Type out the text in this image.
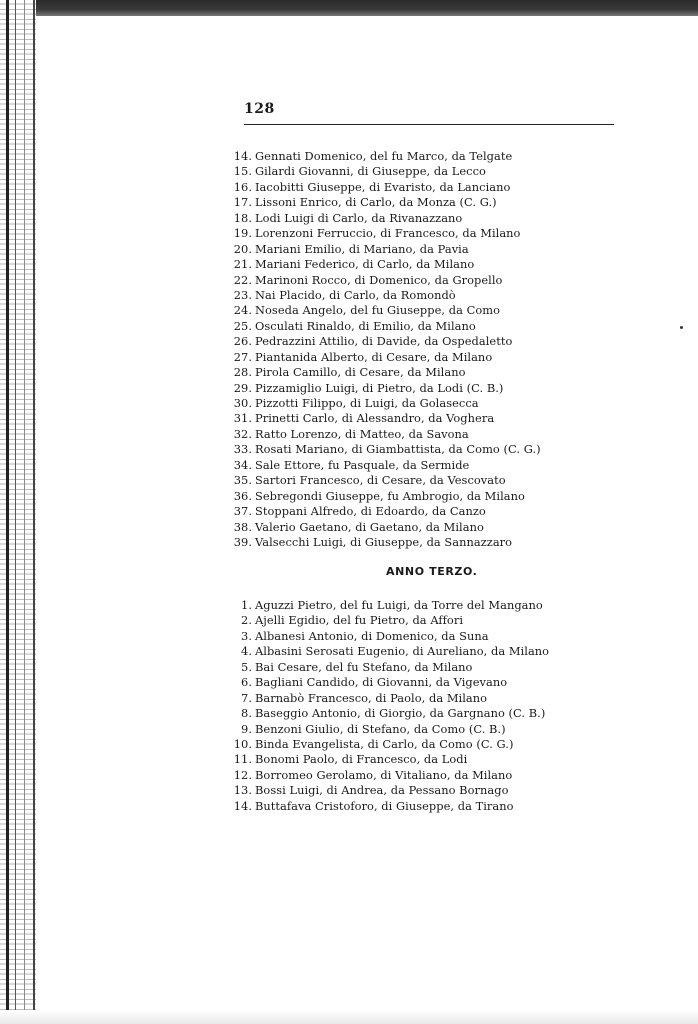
128
14. Gennati Domenico, del fu Marco, da Telgate
15. Gilardi Giovanni, di Giuseppe, da Lecco
16. Iacobitti Giuseppe, di Evaristo, da Lanciano
17. Lissoni Enrico, di Carlo, da Monza (C. G.)
18. Lodi Luigi di Carlo, da Rivanazzano
19. Lorenzoni Ferruccio, di Francesco, da Milano
20. Mariani Emilio, di Mariano, da Pavia
21. Mariani Federico, di Carlo, da Milano
22. Marinoni Rocco, di Domenico, da Gropello
23. Nai Placido, di Carlo, da Romondò
24. Noseda Angelo, del fu Giuseppe, da Como
25. Osculati Rinaldo, di Emilio, da Milano
26. Pedrazzini Attilio, di Davide, da Ospedaletto
27. Piantanida Alberto, di Cesare, da Milano
28. Pirola Camillo, di Cesare, da Milano
29. Pizzamiglio Luigi, di Pietro, da Lodi (C. B.)
30. Pizzotti Filippo, di Luigi, da Golasecca
31. Prinetti Carlo, di Alessandro, da Voghera
32. Ratto Lorenzo, di Matteo, da Savona
33. Rosati Mariano, di Giambattista, da Como (C. G.)
34. Sale Ettore, fu Pasquale, da Sermide
35. Sartori Francesco, di Cesare, da Vescovato
36. Sebregondi Giuseppe, fu Ambrogio, da Milano
37. Stoppani Alfredo, di Edoardo, da Canzo
38. Valerio Gaetano, di Gaetano, da Milano
39. Valsecchi Luigi, di Giuseppe, da Sannazzaro
ANNO TERZO.
1. Aguzzi Pietro, del fu Luigi, da Torre del Mangano
2. Ajelli Egidio, del fu Pietro, da Affori
3. Albanesi Antonio, di Domenico, da Suna
4. Albasini Serosati Eugenio, di Aureliano, da Milano
5. Bai Cesare, del fu Stefano, da Milano
6. Bagliani Candido, di Giovanni, da Vigevano
7. Barnabò Francesco, di Paolo, da Milano
8. Baseggio Antonio, di Giorgio, da Gargnano (C. B.)
9. Benzoni Giulio, di Stefano, da Como (C. B.)
10. Binda Evangelista, di Carlo, da Como (C. G.)
11. Bonomi Paolo, di Francesco, da Lodi
12. Borromeo Gerolamo, di Vitaliano, da Milano
13. Bossi Luigi, di Andrea, da Pessano Bornago
14. Buttafava Cristoforo, di Giuseppe, da Tirano
